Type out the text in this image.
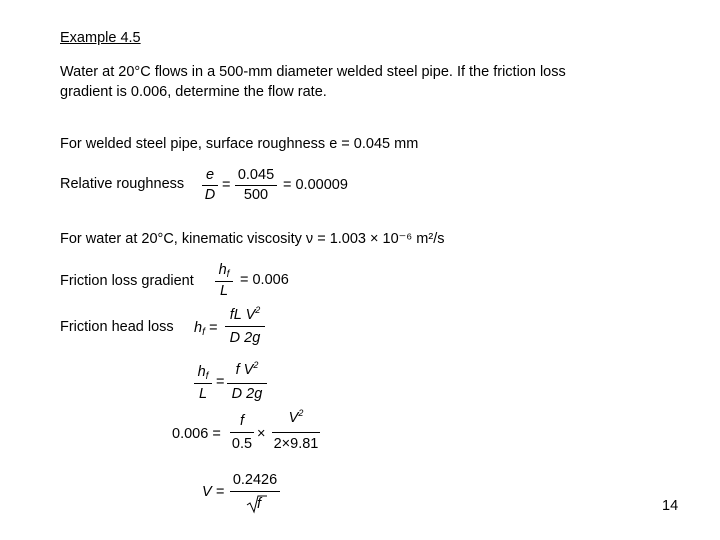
Example 4.5
Water at 20°C flows in a 500-mm diameter welded steel pipe. If the friction loss
gradient is 0.006, determine the flow rate.
For welded steel pipe, surface roughness e = 0.045 mm
Relative roughness
e
D
=
0.045
500
= 0.00009
For water at 20°C, kinematic viscosity ν = 1.003 × 10⁻⁶ m²/s
Friction loss gradient
$h_f$
L
= 0.006
Friction head loss $h_f$ =
fL $V^2$
D 2g
$h_f$
L
=
f $V^2$
D 2g
0.006 =
f
0.5
×
$V^2$
2×9.81
V =
0.2426
f	14
